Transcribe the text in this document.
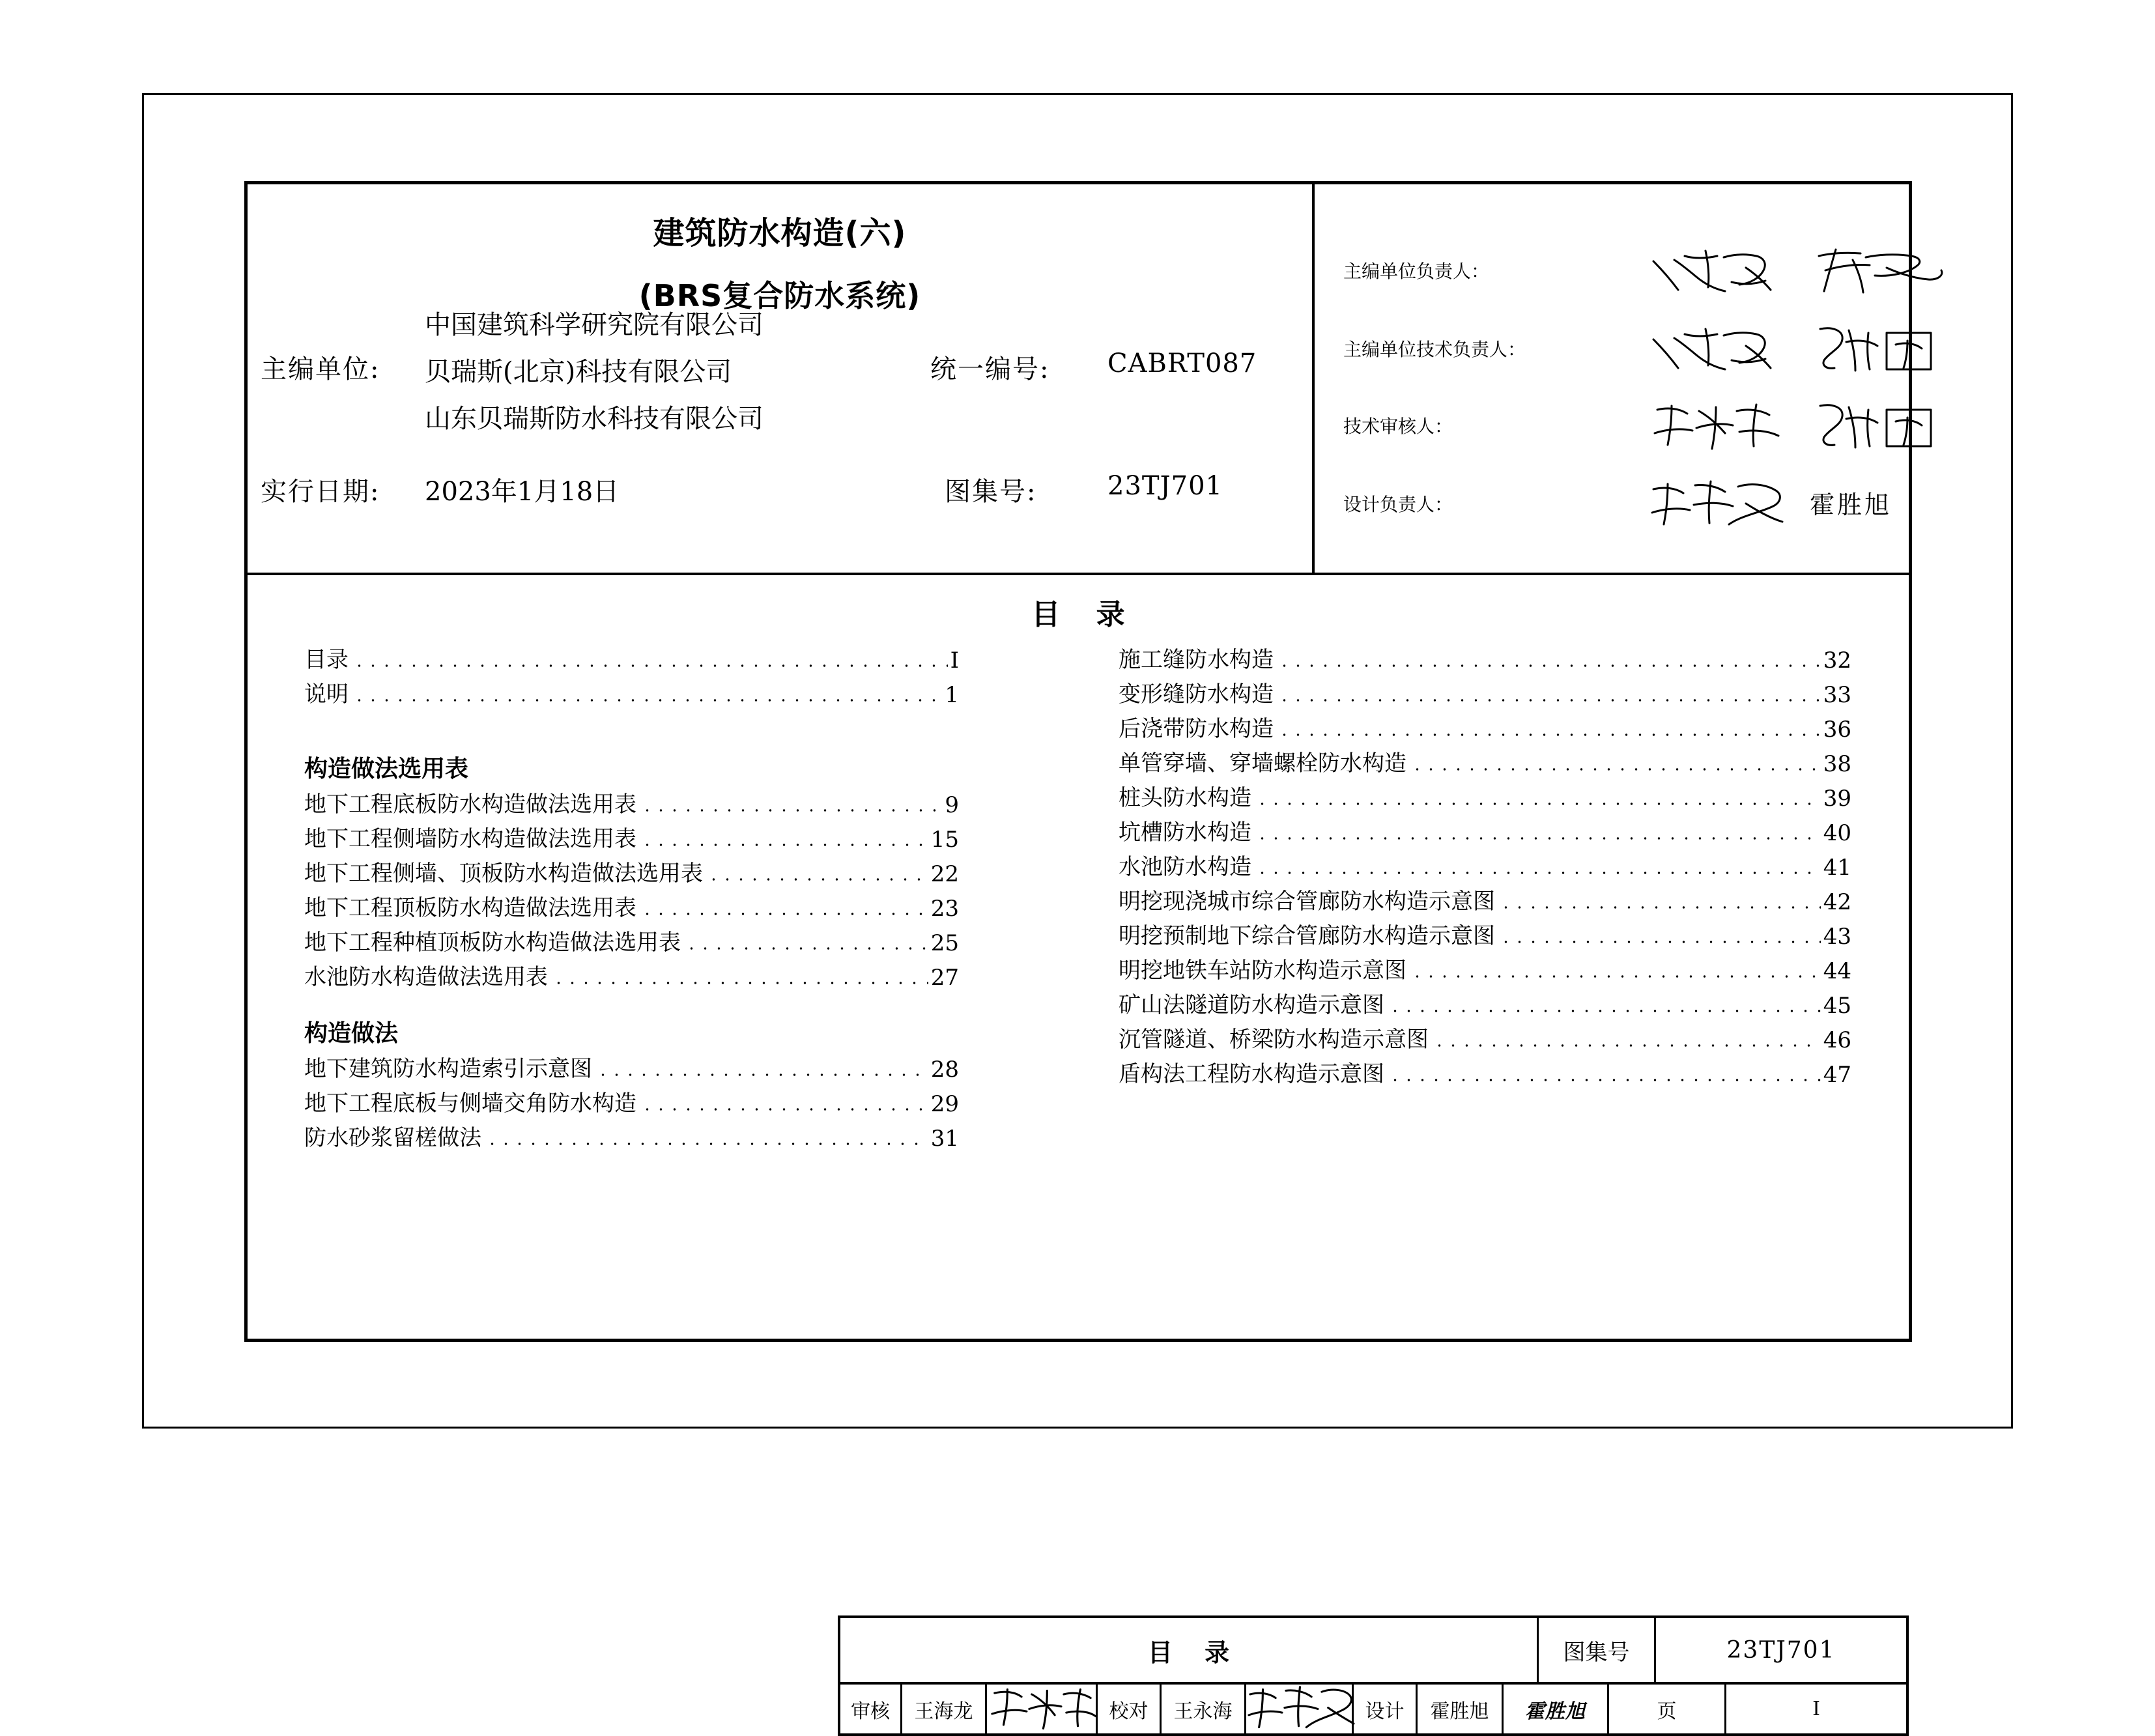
建筑防水构造(六)
(BRS复合防水系统)
主编单位:
中国建筑科学研究院有限公司
贝瑞斯(北京)科技有限公司
山东贝瑞斯防水科技有限公司
统一编号: CABRT087
实行日期: 2023年1月18日	图集号:	23TJ701
主编单位负责人：
主编单位技术负责人：
技术审核人：
设计负责人：	霍胜旭
目 录
目录	I
说明	1
构造做法选用表
地下工程底板防水构造做法选用表	9
地下工程侧墙防水构造做法选用表	15
地下工程侧墙、顶板防水构造做法选用表	22
地下工程顶板防水构造做法选用表	23
地下工程种植顶板防水构造做法选用表	25
水池防水构造做法选用表	27
构造做法
地下建筑防水构造索引示意图	28
地下工程底板与侧墙交角防水构造	29
防水砂浆留槎做法	31
施工缝防水构造	32
变形缝防水构造	33
后浇带防水构造	36
单管穿墙、穿墙螺栓防水构造	38
桩头防水构造	39
坑槽防水构造	40
水池防水构造	41
明挖现浇城市综合管廊防水构造示意图	42
明挖预制地下综合管廊防水构造示意图	43
明挖地铁车站防水构造示意图	44
矿山法隧道防水构造示意图	45
沉管隧道、桥梁防水构造示意图	46
盾构法工程防水构造示意图	47
目 录	图集号	23TJ701
审核	王海龙	校对	王永海	设计	霍胜旭	霍胜旭	页	I
